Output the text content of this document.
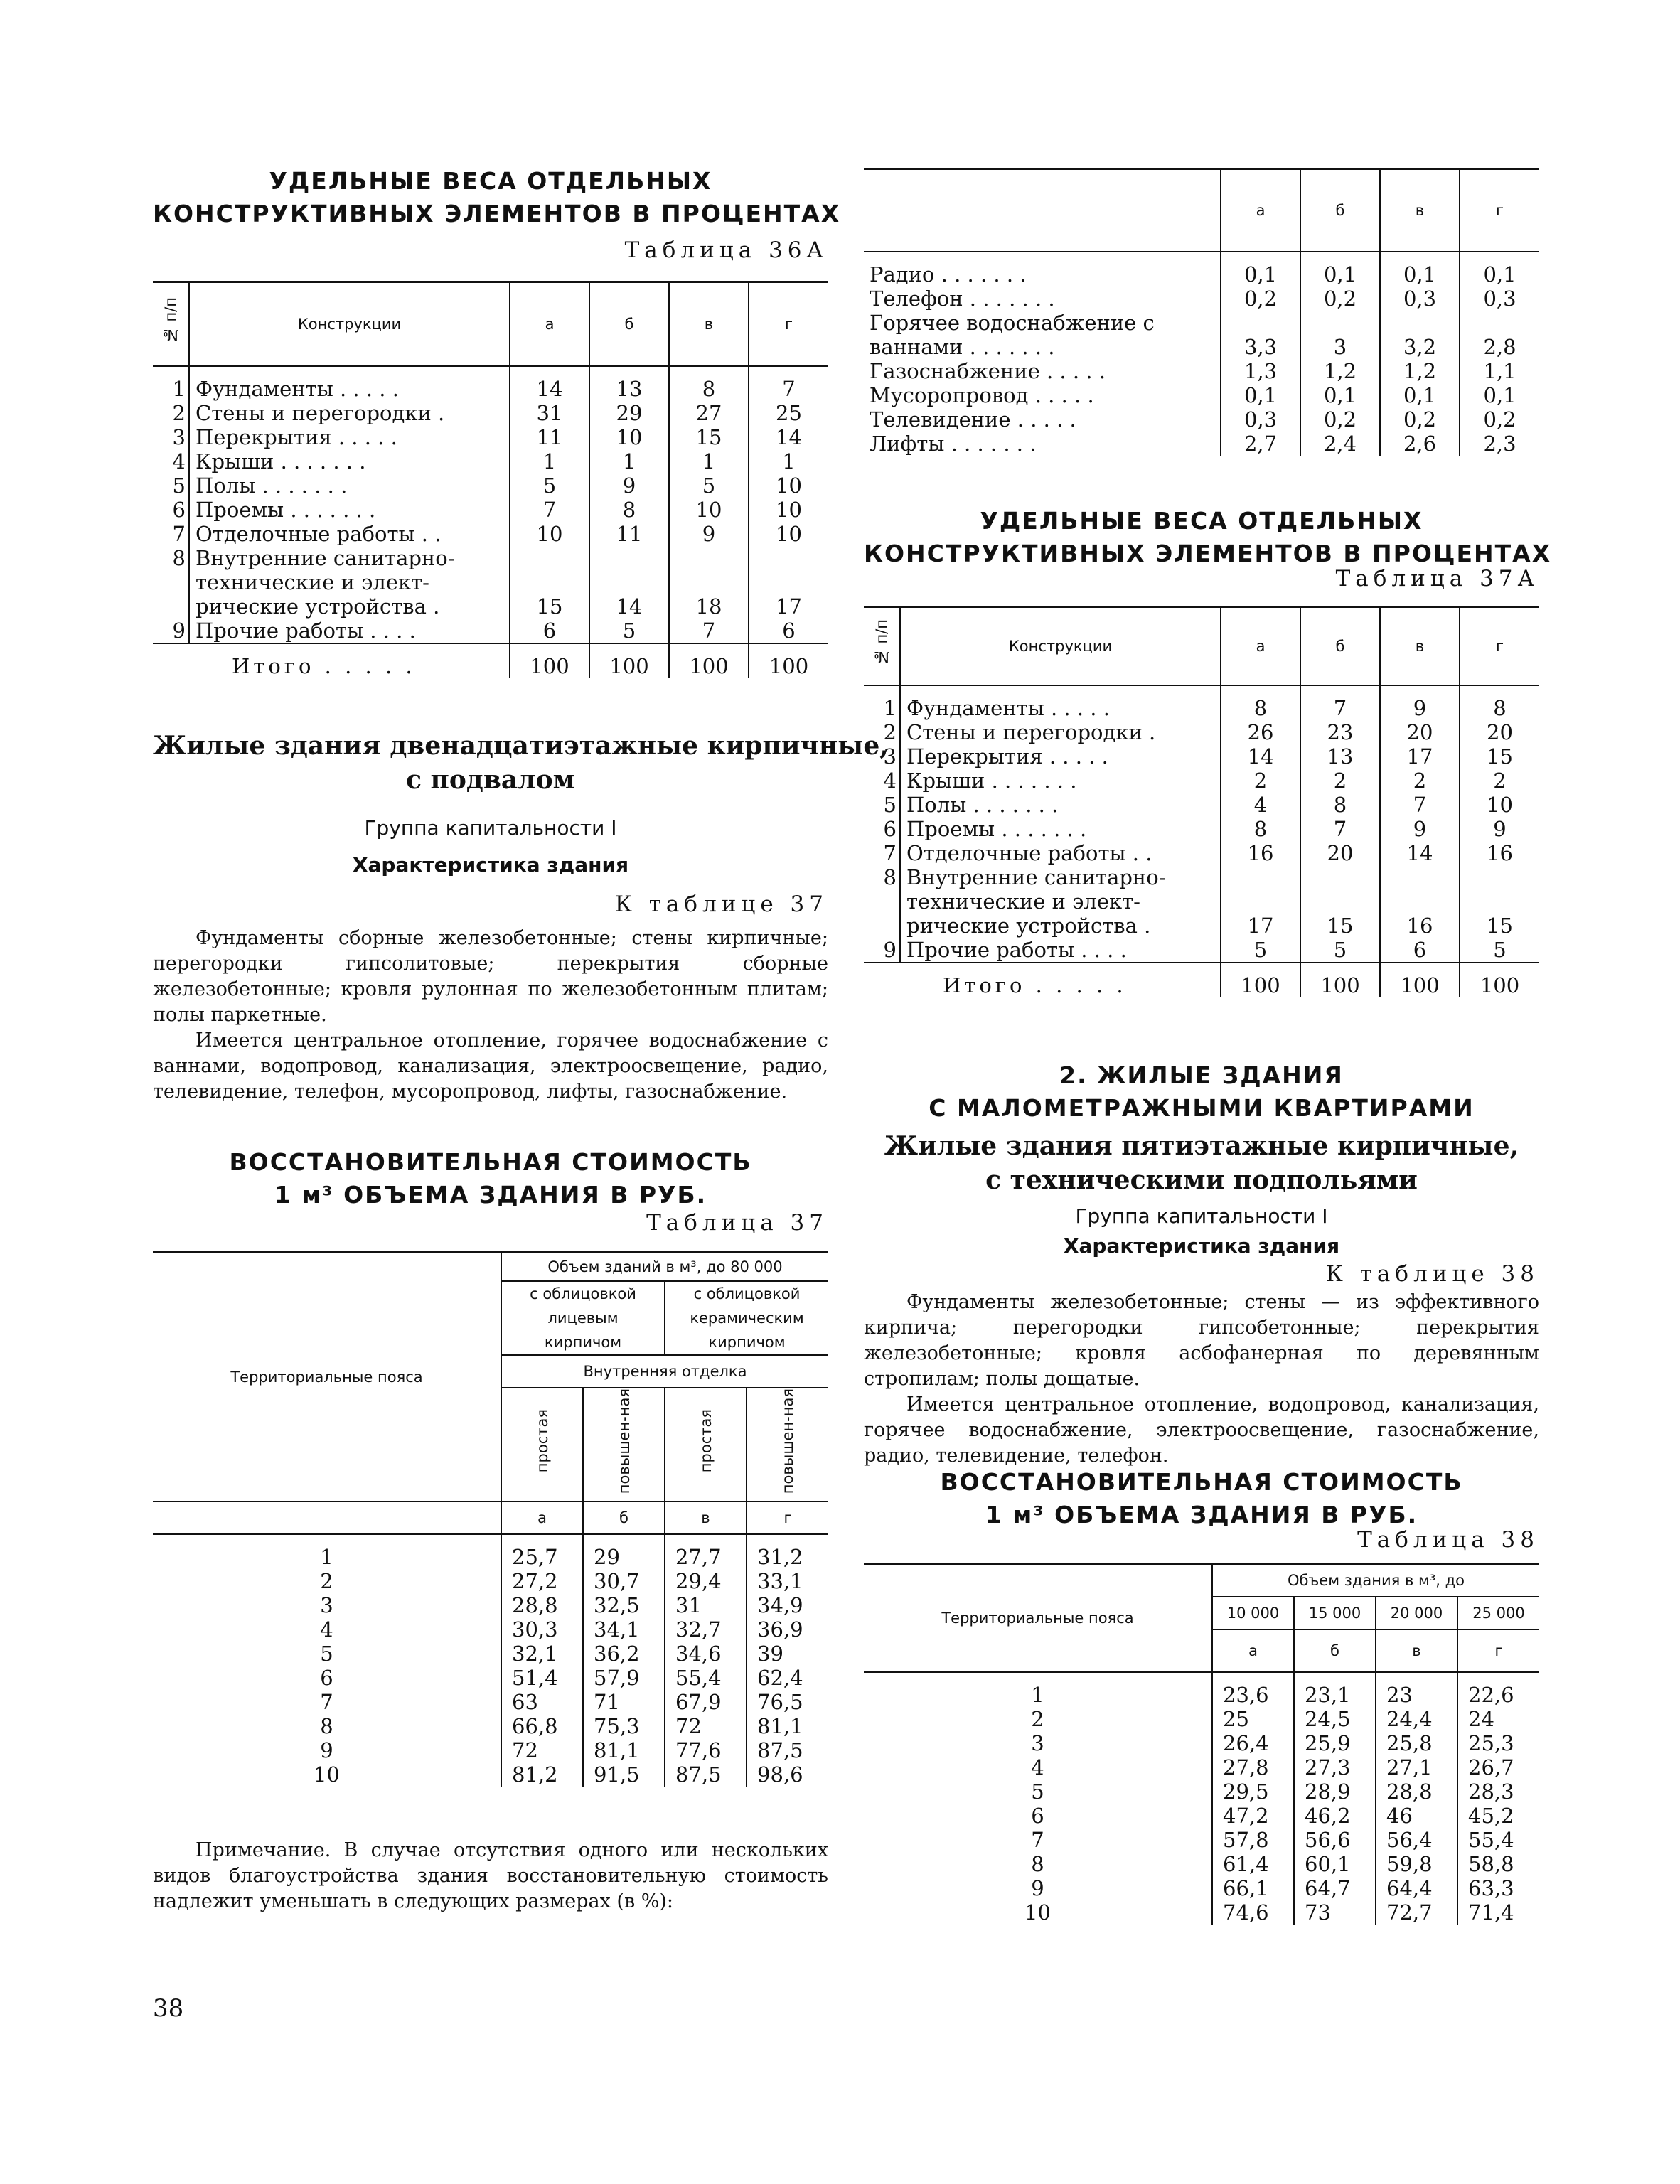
УДЕЛЬНЫЕ ВЕСА ОТДЕЛЬНЫХ
КОНСТРУКТИВНЫХ ЭЛЕМЕНТОВ В ПРОЦЕНТАХ
Таблица 36А
№ п/п	Конструкции	а	б	в	г
1	Фундаменты . . . . .	14	13	8	7
2	Стены и перегородки .	31	29	27	25
3	Перекрытия . . . . .	11	10	15	14
4	Крыши . . . . . . .	1	1	1	1
5	Полы . . . . . . .	5	9	5	10
6	Проемы . . . . . . .	7	8	10	10
7	Отделочные работы . .	10	11	9	10
8	Внутренние санитарно-
технические и элект-
рические устройства .	15	14	18	17
9	Прочие работы . . . .	6	5	7	6
	Итого . . . . .	100	100	100	100
Жилые здания двенадцатиэтажные кирпичные,
с подвалом
Группа капитальности I
Характеристика здания
К таблице 37

Фундаменты сборные железобетонные; стены кирпичные; перегородки гипсолитовые; перекрытия сборные железобетонные; кровля рулонная по железобетонным плитам; полы паркетные.

Имеется центральное отопление, горячее водоснабжение с ваннами, водопровод, канализация, электроосвещение, радио, телевидение, телефон, мусоропровод, лифты, газоснабжение.

ВОССТАНОВИТЕЛЬНАЯ СТОИМОСТЬ
1 м³ ОБЪЕМА ЗДАНИЯ В РУБ.
Таблица 37
Территориальные пояса	Объем зданий в м³, до 80 000			
	с облицовкой лицевым кирпичом		с облицовкой керамическим кирпичом	
	Внутренняя отделка			
	простая	повышен-ная	простая	повышен-ная
	а	б	в	г
1	25,7	29	27,7	31,2
2	27,2	30,7	29,4	33,1
3	28,8	32,5	31	34,9
4	30,3	34,1	32,7	36,9
5	32,1	36,2	34,6	39
6	51,4	57,9	55,4	62,4
7	63	71	67,9	76,5
8	66,8	75,3	72	81,1
9	72	81,1	77,6	87,5
10	81,2	91,5	87,5	98,6

Примечание. В случае отсутствия одного или нескольких видов благоустройства здания восстановительную стоимость надлежит уменьшать в следующих размерах (в %):

	а	б	в	г

Радио . . . . . . .	0,1	0,1	0,1	0,1

Телефон . . . . . . .	0,2	0,2	0,3	0,3

Горячее водоснабжение с
ваннами . . . . . . .	3,3	3	3,2	2,8

Газоснабжение . . . . .	1,3	1,2	1,2	1,1

Мусоропровод . . . . .	0,1	0,1	0,1	0,1

Телевидение . . . . .	0,3	0,2	0,2	0,2

Лифты . . . . . . .	2,7	2,4	2,6	2,3
УДЕЛЬНЫЕ ВЕСА ОТДЕЛЬНЫХ
КОНСТРУКТИВНЫХ ЭЛЕМЕНТОВ В ПРОЦЕНТАХ
Таблица 37А
№ п/п	Конструкции	а	б	в	г
1	Фундаменты . . . . .	8	7	9	8
2	Стены и перегородки .	26	23	20	20
3	Перекрытия . . . . .	14	13	17	15
4	Крыши . . . . . . .	2	2	2	2
5	Полы . . . . . . .	4	8	7	10
6	Проемы . . . . . . .	8	7	9	9
7	Отделочные работы . .	16	20	14	16
8	Внутренние санитарно-
технические и элект-
рические устройства .	17	15	16	15
9	Прочие работы . . . .	5	5	6	5
	Итого . . . . .	100	100	100	100
2. ЖИЛЫЕ ЗДАНИЯ
С МАЛОМЕТРАЖНЫМИ КВАРТИРАМИ
Жилые здания пятиэтажные кирпичные,
с техническими подпольями
Группа капитальности I
Характеристика здания
К таблице 38

Фундаменты железобетонные; стены — из эффективного кирпича; перегородки гипсобетонные; перекрытия железобетонные; кровля асбофанерная по деревянным стропилам; полы дощатые.

Имеется центральное отопление, водопровод, канализация, горячее водоснабжение, электроосвещение, газоснабжение, радио, телевидение, телефон.

ВОССТАНОВИТЕЛЬНАЯ СТОИМОСТЬ
1 м³ ОБЪЕМА ЗДАНИЯ В РУБ.
Таблица 38
Территориальные пояса	Объем здания в м³, до			
	10 000	15 000	20 000	25 000
	а	б	в	г
1	23,6	23,1	23	22,6
2	25	24,5	24,4	24
3	26,4	25,9	25,8	25,3
4	27,8	27,3	27,1	26,7
5	29,5	28,9	28,8	28,3
6	47,2	46,2	46	45,2
7	57,8	56,6	56,4	55,4
8	61,4	60,1	59,8	58,8
9	66,1	64,7	64,4	63,3
10	74,6	73	72,7	71,4
38
